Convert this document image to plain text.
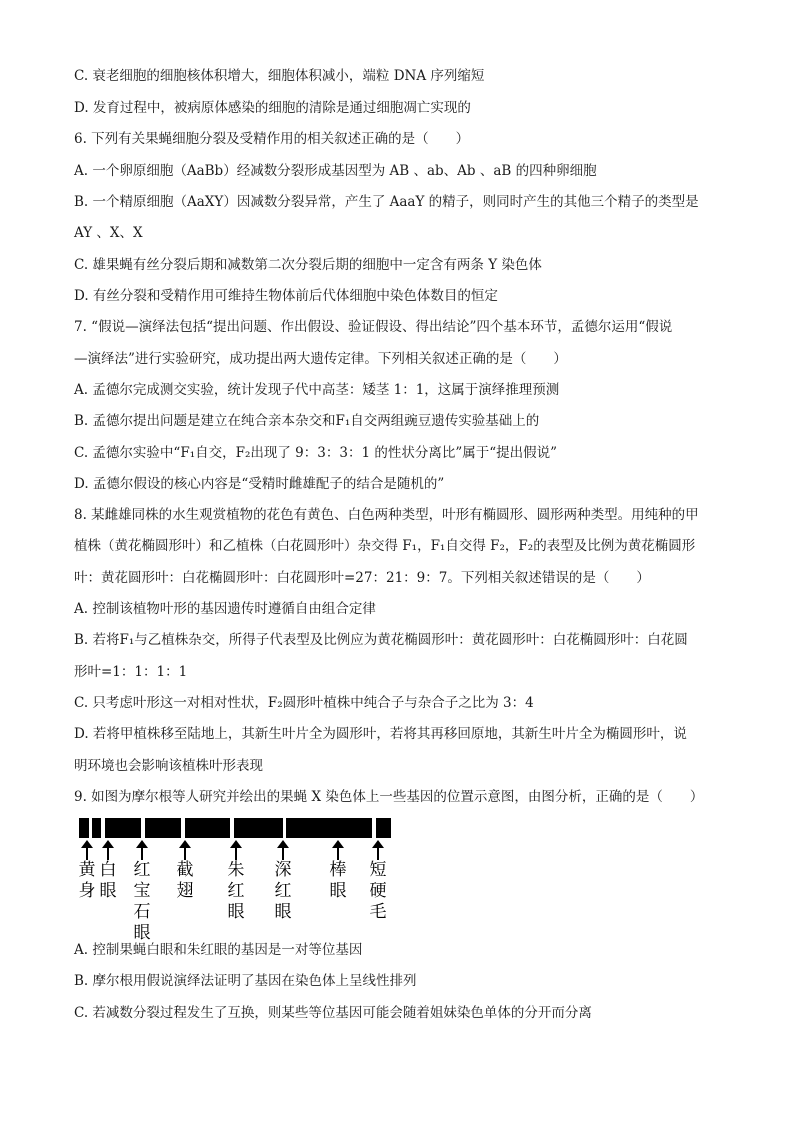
C. 衰老细胞的细胞核体积增大，细胞体积减小，端粒 DNA 序列缩短
D. 发育过程中，被病原体感染的细胞的清除是通过细胞凋亡实现的
6. 下列有关果蝇细胞分裂及受精作用的相关叙述正确的是（　　）
A. 一个卵原细胞（AaBb）经减数分裂形成基因型为 AB 、ab、Ab 、aB 的四种卵细胞
B. 一个精原细胞（AaXY）因减数分裂异常，产生了 AaaY 的精子，则同时产生的其他三个精子的类型是
AY 、X、X
C. 雄果蝇有丝分裂后期和减数第二次分裂后期的细胞中一定含有两条 Y 染色体
D. 有丝分裂和受精作用可维持生物体前后代体细胞中染色体数目的恒定
7. “假说—演绎法包括“提出问题、作出假设、验证假设、得出结论”四个基本环节，孟德尔运用“假说
—演绎法”进行实验研究，成功提出两大遗传定律。下列相关叙述正确的是（　　）
A. 孟德尔完成测交实验，统计发现子代中高茎：矮茎 1：1，这属于演绎推理预测
B. 孟德尔提出问题是建立在纯合亲本杂交和F₁自交两组豌豆遗传实验基础上的
C. 孟德尔实验中“F₁自交，F₂出现了 9：3：3：1 的性状分离比”属于“提出假说”
D. 孟德尔假设的核心内容是“受精时雌雄配子的结合是随机的”
8. 某雌雄同株的水生观赏植物的花色有黄色、白色两种类型，叶形有椭圆形、圆形两种类型。用纯种的甲
植株（黄花椭圆形叶）和乙植株（白花圆形叶）杂交得 F₁，F₁自交得 F₂，F₂的表型及比例为黄花椭圆形
叶：黄花圆形叶：白花椭圆形叶：白花圆形叶=27：21：9：7。下列相关叙述错误的是（　　）
A. 控制该植物叶形的基因遗传时遵循自由组合定律
B. 若将F₁与乙植株杂交，所得子代表型及比例应为黄花椭圆形叶：黄花圆形叶：白花椭圆形叶：白花圆
形叶=1：1：1：1
C. 只考虑叶形这一对相对性状，F₂圆形叶植株中纯合子与杂合子之比为 3：4
D. 若将甲植株移至陆地上，其新生叶片全为圆形叶，若将其再移回原地，其新生叶片全为椭圆形叶，说
明环境也会影响该植株叶形表现
9. 如图为摩尔根等人研究并绘出的果蝇 X 染色体上一些基因的位置示意图，由图分析，正确的是（　　）
黄
身
白
眼
红
宝
石
眼
截
翅
朱
红
眼
深
红
眼
棒
眼
短
硬
毛
A. 控制果蝇白眼和朱红眼的基因是一对等位基因
B. 摩尔根用假说演绎法证明了基因在染色体上呈线性排列
C. 若减数分裂过程发生了互换，则某些等位基因可能会随着姐妹染色单体的分开而分离
